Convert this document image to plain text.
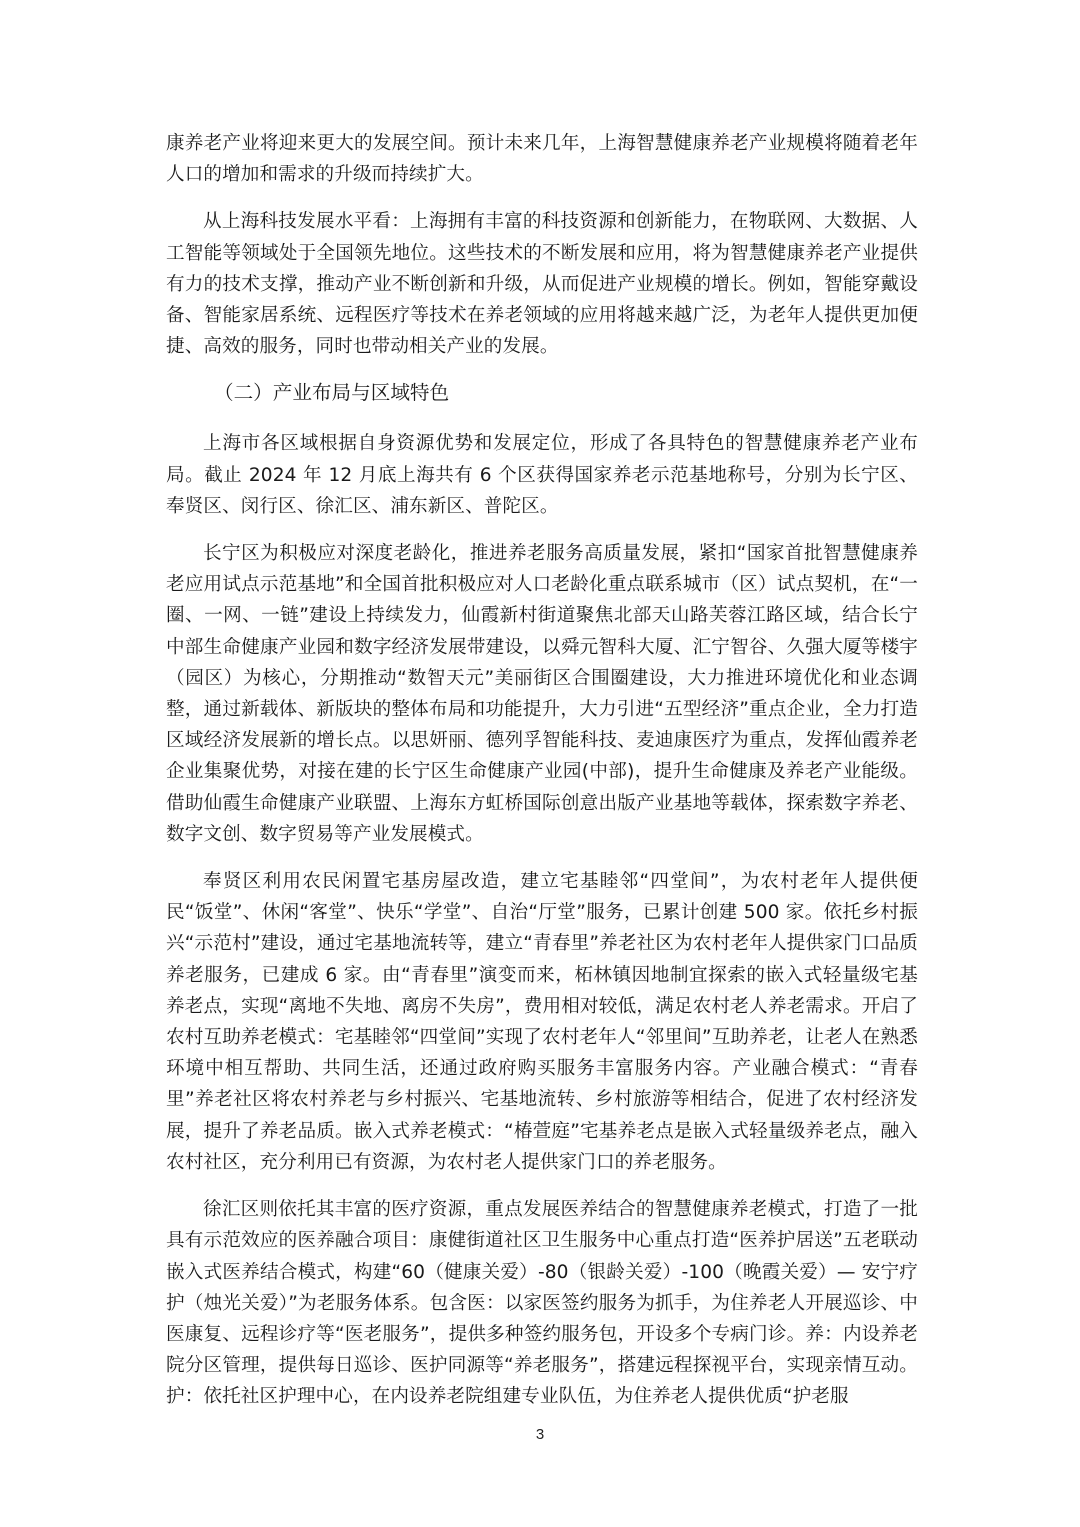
康养老产业将迎来更大的发展空间。预计未来几年，上海智慧健康养老产业规模将随着老年人口的增加和需求的升级而持续扩大。

从上海科技发展水平看：上海拥有丰富的科技资源和创新能力，在物联网、大数据、人工智能等领域处于全国领先地位。这些技术的不断发展和应用，将为智慧健康养老产业提供有力的技术支撑，推动产业不断创新和升级，从而促进产业规模的增长。例如，智能穿戴设备、智能家居系统、远程医疗等技术在养老领域的应用将越来越广泛，为老年人提供更加便捷、高效的服务，同时也带动相关产业的发展。

（二）产业布局与区域特色

上海市各区域根据自身资源优势和发展定位，形成了各具特色的智慧健康养老产业布局。截止 2024 年 12 月底上海共有 6 个区获得国家养老示范基地称号，分别为长宁区、奉贤区、闵行区、徐汇区、浦东新区、普陀区。

长宁区为积极应对深度老龄化，推进养老服务高质量发展，紧扣“国家首批智慧健康养老应用试点示范基地”和全国首批积极应对人口老龄化重点联系城市（区）试点契机，在“一圈、一网、一链”建设上持续发力，仙霞新村街道聚焦北部天山路芙蓉江路区域，结合长宁中部生命健康产业园和数字经济发展带建设，以舜元智科大厦、汇宁智谷、久强大厦等楼宇（园区）为核心，分期推动“数智天元”美丽街区合围圈建设，大力推进环境优化和业态调整，通过新载体、新版块的整体布局和功能提升，大力引进“五型经济”重点企业，全力打造区域经济发展新的增长点。以思妍丽、德列孚智能科技、麦迪康医疗为重点，发挥仙霞养老企业集聚优势，对接在建的长宁区生命健康产业园(中部)，提升生命健康及养老产业能级。借助仙霞生命健康产业联盟、上海东方虹桥国际创意出版产业基地等载体，探索数字养老、数字文创、数字贸易等产业发展模式。

奉贤区利用农民闲置宅基房屋改造，建立宅基睦邻“四堂间”，为农村老年人提供便民“饭堂”、休闲“客堂”、快乐“学堂”、自治“厅堂”服务，已累计创建 500 家。依托乡村振兴“示范村”建设，通过宅基地流转等，建立“青春里”养老社区为农村老年人提供家门口品质养老服务，已建成 6 家。由“青春里”演变而来，柘林镇因地制宜探索的嵌入式轻量级宅基养老点，实现“离地不失地、离房不失房”，费用相对较低，满足农村老人养老需求。开启了农村互助养老模式：宅基睦邻“四堂间”实现了农村老年人“邻里间”互助养老，让老人在熟悉环境中相互帮助、共同生活，还通过政府购买服务丰富服务内容。产业融合模式：“青春里”养老社区将农村养老与乡村振兴、宅基地流转、乡村旅游等相结合，促进了农村经济发展，提升了养老品质。嵌入式养老模式：“椿萱庭”宅基养老点是嵌入式轻量级养老点，融入农村社区，充分利用已有资源，为农村老人提供家门口的养老服务。

徐汇区则依托其丰富的医疗资源，重点发展医养结合的智慧健康养老模式，打造了一批具有示范效应的医养融合项目：康健街道社区卫生服务中心重点打造“医养护居送”五老联动嵌入式医养结合模式，构建“60（健康关爱）-80（银龄关爱）-100（晚霞关爱）— 安宁疗护（烛光关爱）”为老服务体系。包含医：以家医签约服务为抓手，为住养老人开展巡诊、中医康复、远程诊疗等“医老服务”，提供多种签约服务包，开设多个专病门诊。养：内设养老院分区管理，提供每日巡诊、医护同源等“养老服务”，搭建远程探视平台，实现亲情互动。护：依托社区护理中心，在内设养老院组建专业队伍，为住养老人提供优质“护老服

3
